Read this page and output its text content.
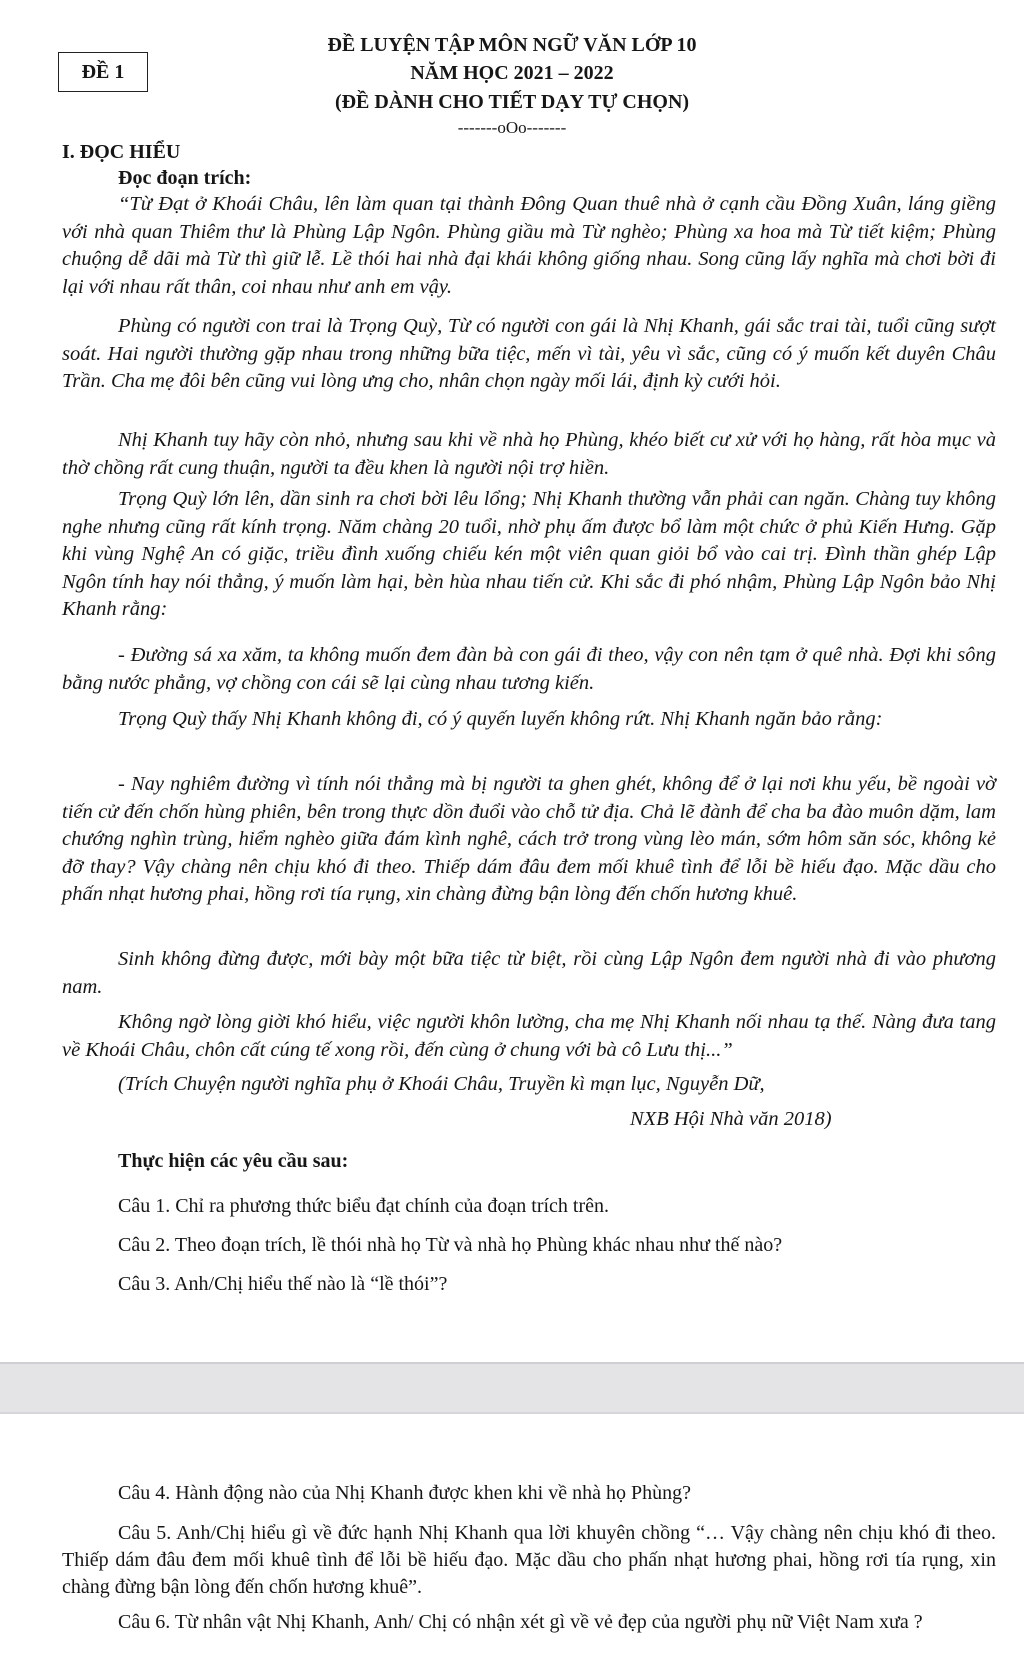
ĐỀ LUYỆN TẬP MÔN NGỮ VĂN LỚP 10
ĐỀ 1	NĂM HỌC 2021 – 2022
(ĐỀ DÀNH CHO TIẾT DẠY TỰ CHỌN)
-------oOo-------
I. ĐỌC HIỂU
Đọc đoạn trích:

“Từ Đạt ở Khoái Châu, lên làm quan tại thành Đông Quan thuê nhà ở cạnh cầu Đồng Xuân, láng giềng với nhà quan Thiêm thư là Phùng Lập Ngôn. Phùng giầu mà Từ nghèo; Phùng xa hoa mà Từ tiết kiệm; Phùng chuộng dễ dãi mà Từ thì giữ lễ. Lề thói hai nhà đại khái không giống nhau. Song cũng lấy nghĩa mà chơi bời đi lại với nhau rất thân, coi nhau như anh em vậy.

Phùng có người con trai là Trọng Quỳ, Từ có người con gái là Nhị Khanh, gái sắc trai tài, tuổi cũng sượt soát. Hai người thường gặp nhau trong những bữa tiệc, mến vì tài, yêu vì sắc, cũng có ý muốn kết duyên Châu Trần. Cha mẹ đôi bên cũng vui lòng ưng cho, nhân chọn ngày mối lái, định kỳ cưới hỏi.

Nhị Khanh tuy hãy còn nhỏ, nhưng sau khi về nhà họ Phùng, khéo biết cư xử với họ hàng, rất hòa mục và thờ chồng rất cung thuận, người ta đều khen là người nội trợ hiền.

Trọng Quỳ lớn lên, dần sinh ra chơi bời lêu lổng; Nhị Khanh thường vẫn phải can ngăn. Chàng tuy không nghe nhưng cũng rất kính trọng. Năm chàng 20 tuổi, nhờ phụ ấm được bổ làm một chức ở phủ Kiến Hưng. Gặp khi vùng Nghệ An có giặc, triều đình xuống chiếu kén một viên quan giỏi bổ vào cai trị. Đình thần ghép Lập Ngôn tính hay nói thẳng, ý muốn làm hại, bèn hùa nhau tiến cử. Khi sắc đi phó nhậm, Phùng Lập Ngôn bảo Nhị Khanh rằng:

- Đường sá xa xăm, ta không muốn đem đàn bà con gái đi theo, vậy con nên tạm ở quê nhà. Đợi khi sông bằng nước phẳng, vợ chồng con cái sẽ lại cùng nhau tương kiến.

Trọng Quỳ thấy Nhị Khanh không đi, có ý quyến luyến không rứt. Nhị Khanh ngăn bảo rằng:

- Nay nghiêm đường vì tính nói thẳng mà bị người ta ghen ghét, không để ở lại nơi khu yếu, bề ngoài vờ tiến cử đến chốn hùng phiên, bên trong thực dồn đuổi vào chỗ tử địa. Chả lẽ đành để cha ba đào muôn dặm, lam chướng nghìn trùng, hiểm nghèo giữa đám kình nghê, cách trở trong vùng lèo mán, sớm hôm săn sóc, không kẻ đỡ thay? Vậy chàng nên chịu khó đi theo. Thiếp dám đâu đem mối khuê tình để lỗi bề hiếu đạo. Mặc dầu cho phấn nhạt hương phai, hồng rơi tía rụng, xin chàng đừng bận lòng đến chốn hương khuê.

Sinh không đừng được, mới bày một bữa tiệc từ biệt, rồi cùng Lập Ngôn đem người nhà đi vào phương nam.

Không ngờ lòng giời khó hiểu, việc người khôn lường, cha mẹ Nhị Khanh nối nhau tạ thế. Nàng đưa tang về Khoái Châu, chôn cất cúng tế xong rồi, đến cùng ở chung với bà cô Lưu thị...”

(Trích Chuyện người nghĩa phụ ở Khoái Châu, Truyền kì mạn lục, Nguyễn Dữ,
NXB Hội Nhà văn 2018)
Thực hiện các yêu cầu sau:
Câu 1. Chỉ ra phương thức biểu đạt chính của đoạn trích trên.
Câu 2. Theo đoạn trích, lề thói nhà họ Từ và nhà họ Phùng khác nhau như thế nào?
Câu 3. Anh/Chị hiểu thế nào là “lề thói”?
Câu 4. Hành động nào của Nhị Khanh được khen khi về nhà họ Phùng?

Câu 5. Anh/Chị hiểu gì về đức hạnh Nhị Khanh qua lời khuyên chồng “… Vậy chàng nên chịu khó đi theo. Thiếp dám đâu đem mối khuê tình để lỗi bề hiếu đạo. Mặc dầu cho phấn nhạt hương phai, hồng rơi tía rụng, xin chàng đừng bận lòng đến chốn hương khuê”.

Câu 6. Từ nhân vật Nhị Khanh, Anh/ Chị có nhận xét gì về vẻ đẹp của người phụ nữ Việt Nam xưa ?
